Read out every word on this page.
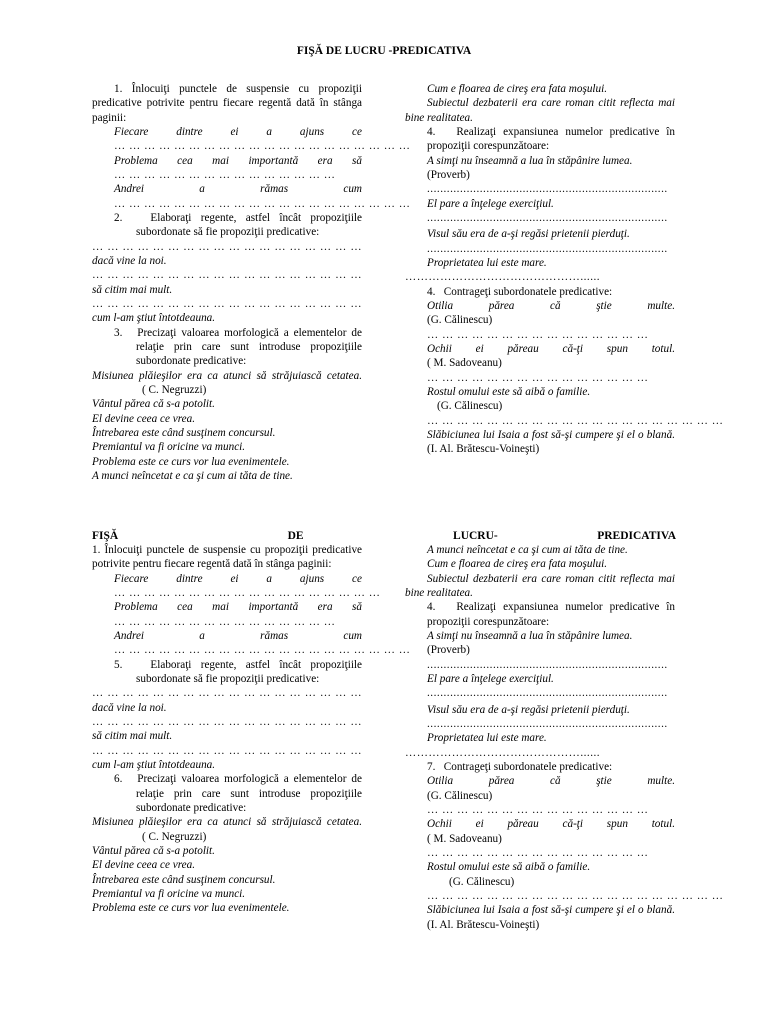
FIŞĂ DE LUCRU -PREDICATIVA

1. Înlocuiţi punctele de suspensie cu propoziţii predicative potrivite pentru fiecare regentă dată în stânga paginii:

Fiecare dintre ei a ajuns ce

… … … … … … … … … … … … … … … … … … … …

Problema cea mai importantă era să

… … … … … … … … … … … … … … …

Andrei a rămas cum

… … … … … … … … … … … … … … … … … … … …

2.	Elaboraţi regente, astfel încât propoziţiile subordonate să fie propoziţii predicative:

… … … … … … … … … … … … … … … … … … dacă vine la noi.

… … … … … … … … … … … … … … … … … … să citim mai mult.

… … … … … … … … … … … … … … … … … … cum l-am ştiut întotdeauna.

3. Precizaţi valoarea morfologică a elementelor de relaţie prin care sunt introduse propoziţiile subordonate predicative:

Misiunea plăieşilor era ca atunci să străjuiască cetatea. ( C. Negruzzi)

Vântul părea că s-a potolit.

El devine ceea ce vrea.

Întrebarea este când susţinem concursul.

Premiantul va fi oricine va munci.

Problema este ce curs vor lua evenimentele.

A munci neîncetat e ca şi cum ai tăta de tine.

Cum e floarea de cireş era fata moşului.

Subiectul dezbaterii era care roman citit reflecta mai bine realitatea.

4. Realizaţi expansiunea numelor predicative în propoziţii corespunzătoare:

A simţi nu înseamnă a lua în stăpânire lumea.

(Proverb)

.........................................................................

El pare a înţelege exerciţiul.

.........................................................................

Visul său era de a-şi regăsi prietenii pierduţi.

.........................................................................

Proprietatea lui este mare.

………………………………………......

4. Contrageţi subordonatele predicative:

Otilia părea că ştie multe.

(G. Călinescu)

… … … … … … … … … … … … … … …

Ochii ei păreau că-ţi spun totul.

( M. Sadoveanu)

… … … … … … … … … … … … … … …

Rostul omului este să aibă o familie.

(G. Călinescu)

… … … … … … … … … … … … … … … … … … … …

Slăbiciunea lui Isaia a fost să-şi cumpere şi el o blană. (I. Al. Brătescu-Voineşti)

FIŞĂ	DE	LUCRU-	PREDICATIVA

1. Înlocuiţi punctele de suspensie cu propoziţii predicative potrivite pentru fiecare regentă dată în stânga paginii:

Fiecare dintre ei a ajuns ce

… … … … … … … … … … … … … … … … … …

Problema cea mai importantă era să

… … … … … … … … … … … … … … …

Andrei a rămas cum

… … … … … … … … … … … … … … … … … … … …

5.	Elaboraţi regente, astfel încât propoziţiile subordonate să fie propoziţii predicative:

… … … … … … … … … … … … … … … … … … dacă vine la noi.

… … … … … … … … … … … … … … … … … … să citim mai mult.

… … … … … … … … … … … … … … … … … … cum l-am ştiut întotdeauna.

6. Precizaţi valoarea morfologică a elementelor de relaţie prin care sunt introduse propoziţiile subordonate predicative:

Misiunea plăieşilor era ca atunci să străjuiască cetatea. ( C. Negruzzi)

Vântul părea că s-a potolit.

El devine ceea ce vrea.

Întrebarea este când susţinem concursul.

Premiantul va fi oricine va munci.

Problema este ce curs vor lua evenimentele.

A munci neîncetat e ca şi cum ai tăta de tine.

Cum e floarea de cireş era fata moşului.

Subiectul dezbaterii era care roman citit reflecta mai bine realitatea.

4. Realizaţi expansiunea numelor predicative în propoziţii corespunzătoare:

A simţi nu înseamnă a lua în stăpânire lumea.

(Proverb)

.........................................................................

El pare a înţelege exerciţiul.

.........................................................................

Visul său era de a-şi regăsi prietenii pierduţi.

.........................................................................

Proprietatea lui este mare.

………………………………………......

7. Contrageţi subordonatele predicative:

Otilia părea că ştie multe.

(G. Călinescu)

… … … … … … … … … … … … … … …

Ochii ei păreau că-ţi spun totul.

( M. Sadoveanu)

… … … … … … … … … … … … … … …

Rostul omului este să aibă o familie.

(G. Călinescu)

… … … … … … … … … … … … … … … … … … … …

Slăbiciunea lui Isaia a fost să-şi cumpere şi el o blană. (I. Al. Brătescu-Voineşti)
